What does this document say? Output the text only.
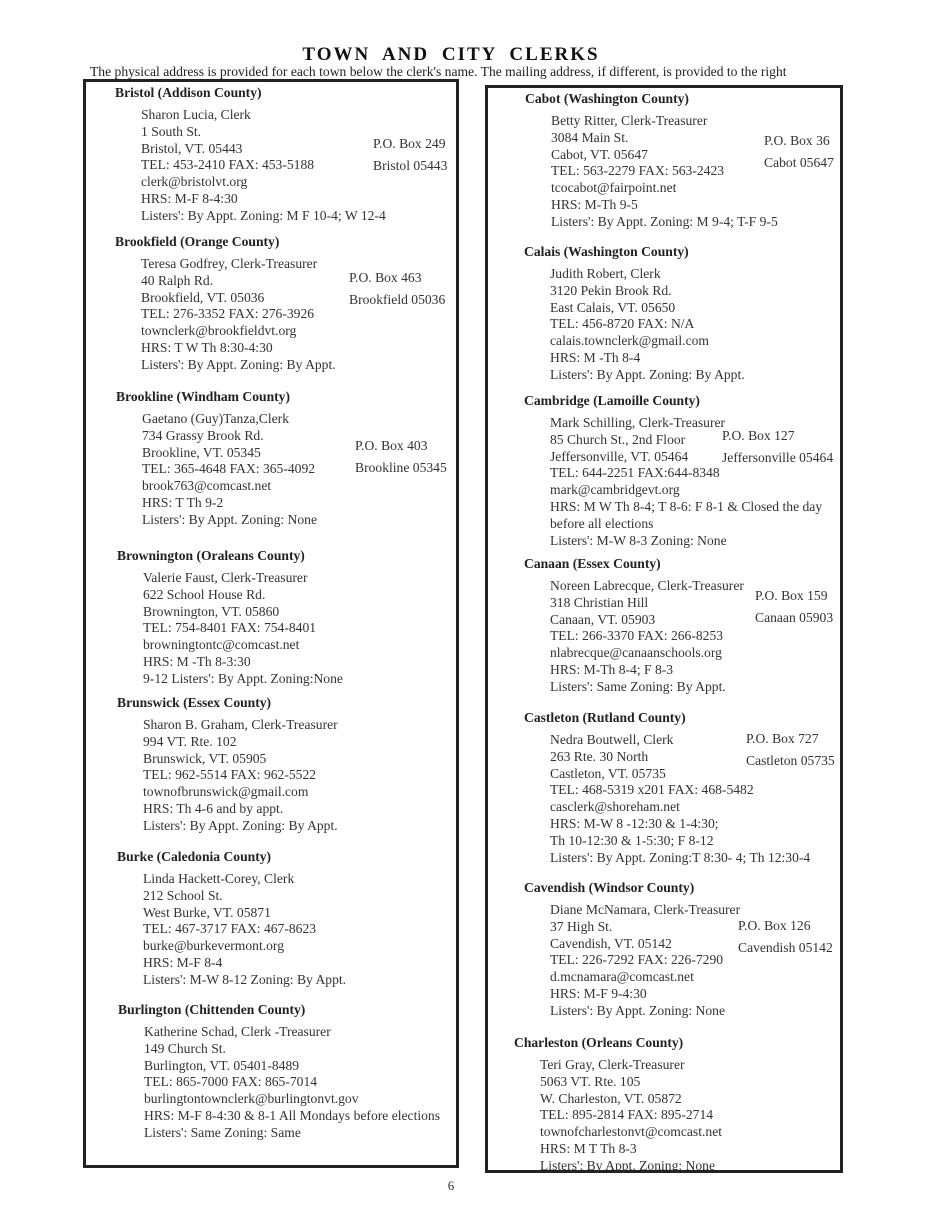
TOWN AND CITY CLERKS
The physical address is provided for each town below the clerk's name. The mailing address, if different, is provided to the right
Bristol (Addison County)
Sharon Lucia, Clerk
1 South St.
Bristol, VT. 05443
TEL: 453-2410 FAX: 453-5188
clerk@bristolvt.org
HRS: M-F 8-4:30
Listers': By Appt. Zoning: M F 10-4; W 12-4
P.O. Box 249
Bristol 05443
Brookfield (Orange County)
Teresa Godfrey, Clerk-Treasurer
40 Ralph Rd.
Brookfield, VT. 05036
TEL: 276-3352 FAX: 276-3926
townclerk@brookfieldvt.org
HRS: T W Th 8:30-4:30
Listers': By Appt. Zoning: By Appt.
P.O. Box 463
Brookfield 05036
Brookline (Windham County)
Gaetano (Guy)Tanza,Clerk
734 Grassy Brook Rd.
Brookline, VT. 05345
TEL: 365-4648 FAX: 365-4092
brook763@comcast.net
HRS: T Th 9-2
Listers': By Appt. Zoning: None
P.O. Box 403
Brookline 05345
Brownington (Oraleans County)
Valerie Faust, Clerk-Treasurer
622 School House Rd.
Brownington, VT. 05860
TEL: 754-8401 FAX: 754-8401
browningtontc@comcast.net
HRS: M -Th 8-3:30
9-12 Listers': By Appt. Zoning:None
Brunswick (Essex County)
Sharon B. Graham, Clerk-Treasurer
994 VT. Rte. 102
Brunswick, VT. 05905
TEL: 962-5514 FAX: 962-5522
townofbrunswick@gmail.com
HRS: Th 4-6 and by appt.
Listers': By Appt. Zoning: By Appt.
Burke (Caledonia County)
Linda Hackett-Corey, Clerk
212 School St.
West Burke, VT. 05871
TEL: 467-3717 FAX: 467-8623
burke@burkevermont.org
HRS: M-F 8-4
Listers': M-W 8-12 Zoning: By Appt.
Burlington (Chittenden County)
Katherine Schad, Clerk -Treasurer
149 Church St.
Burlington, VT. 05401-8489
TEL: 865-7000 FAX: 865-7014
burlingtontownclerk@burlingtonvt.gov
HRS: M-F 8-4:30 & 8-1 All Mondays before elections
Listers': Same Zoning: Same
Cabot (Washington County)
Betty Ritter, Clerk-Treasurer
3084 Main St.
Cabot, VT. 05647
TEL: 563-2279 FAX: 563-2423
tcocabot@fairpoint.net
HRS: M-Th 9-5
Listers': By Appt. Zoning: M 9-4; T-F 9-5
P.O. Box 36
Cabot 05647
Calais (Washington County)
Judith Robert, Clerk
3120 Pekin Brook Rd.
East Calais, VT. 05650
TEL: 456-8720 FAX: N/A
calais.townclerk@gmail.com
HRS: M -Th 8-4
Listers': By Appt. Zoning: By Appt.
Cambridge (Lamoille County)
Mark Schilling, Clerk-Treasurer
85 Church St., 2nd Floor
Jeffersonville, VT. 05464
TEL: 644-2251 FAX:644-8348
mark@cambridgevt.org
HRS: M W Th 8-4; T 8-6: F 8-1 & Closed the day
before all elections
Listers': M-W 8-3 Zoning: None
P.O. Box 127
Jeffersonville 05464
Canaan (Essex County)
Noreen Labrecque, Clerk-Treasurer
318 Christian Hill
Canaan, VT. 05903
TEL: 266-3370 FAX: 266-8253
nlabrecque@canaanschools.org
HRS: M-Th 8-4; F 8-3
Listers': Same Zoning: By Appt.
P.O. Box 159
Canaan 05903
Castleton (Rutland County)
Nedra Boutwell, Clerk
263 Rte. 30 North
Castleton, VT. 05735
TEL: 468-5319 x201 FAX: 468-5482
casclerk@shoreham.net
HRS: M-W 8 -12:30 & 1-4:30;
Th 10-12:30 & 1-5:30; F 8-12
Listers': By Appt. Zoning:T 8:30- 4; Th 12:30-4
P.O. Box 727
Castleton 05735
Cavendish (Windsor County)
Diane McNamara, Clerk-Treasurer
37 High St.
Cavendish, VT. 05142
TEL: 226-7292 FAX: 226-7290
d.mcnamara@comcast.net
HRS: M-F 9-4:30
Listers': By Appt. Zoning: None
P.O. Box 126
Cavendish 05142
Charleston (Orleans County)
Teri Gray, Clerk-Treasurer
5063 VT. Rte. 105
W. Charleston, VT. 05872
TEL: 895-2814 FAX: 895-2714
townofcharlestonvt@comcast.net
HRS: M T Th 8-3
Listers': By Appt. Zoning: None
6
